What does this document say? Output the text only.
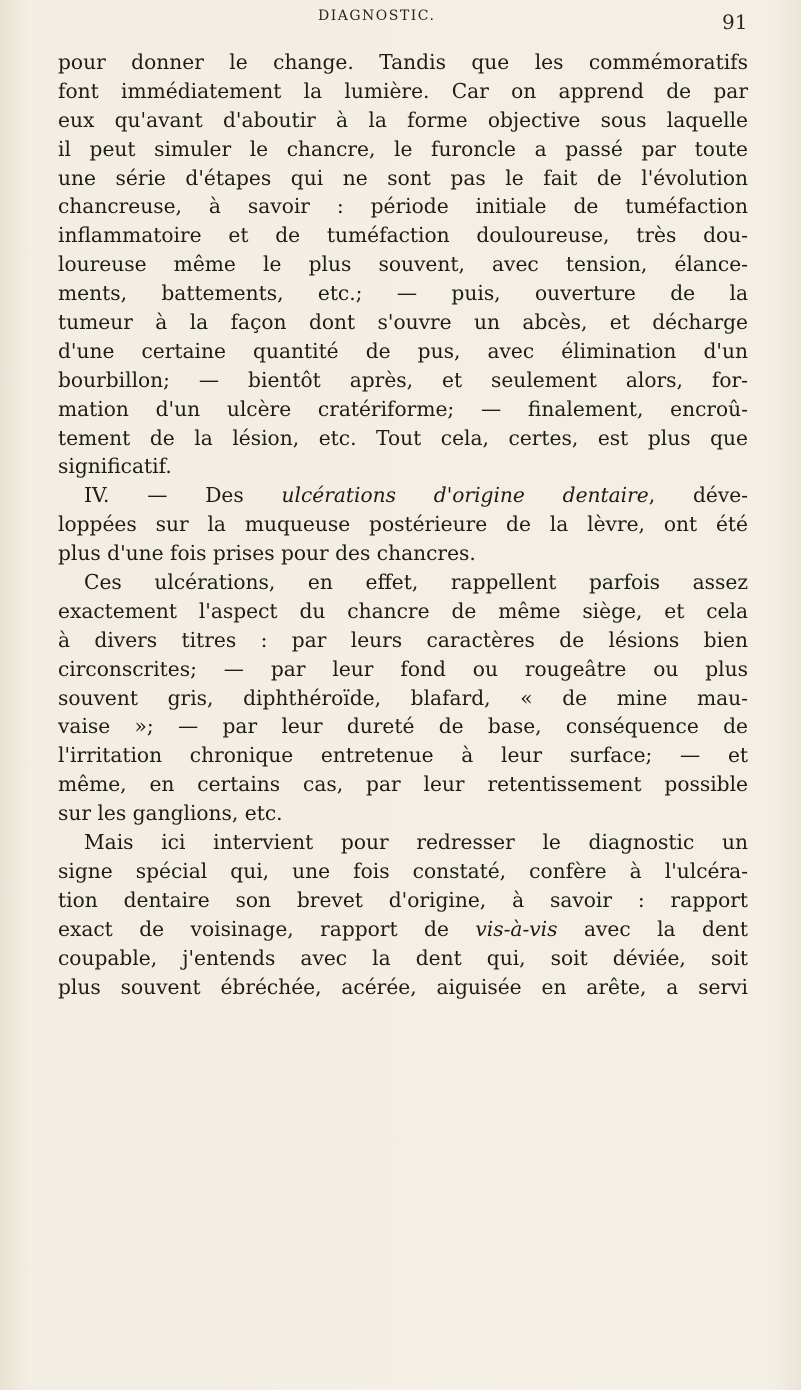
DIAGNOSTIC.	91
pour donner le change. Tandis que les commémoratifs
font immédiatement la lumière. Car on apprend de par
eux qu'avant d'aboutir à la forme objective sous laquelle
il peut simuler le chancre, le furoncle a passé par toute
une série d'étapes qui ne sont pas le fait de l'évolution
chancreuse, à savoir : période initiale de tuméfaction
inflammatoire et de tuméfaction douloureuse, très dou-
loureuse même le plus souvent, avec tension, élance-
ments, battements, etc.; — puis, ouverture de la
tumeur à la façon dont s'ouvre un abcès, et décharge
d'une certaine quantité de pus, avec élimination d'un
bourbillon; — bientôt après, et seulement alors, for-
mation d'un ulcère cratériforme; — finalement, encroû-
tement de la lésion, etc. Tout cela, certes, est plus que
significatif.
IV. — Des ulcérations d'origine dentaire, déve-
loppées sur la muqueuse postérieure de la lèvre, ont été
plus d'une fois prises pour des chancres.
Ces ulcérations, en effet, rappellent parfois assez
exactement l'aspect du chancre de même siège, et cela
à divers titres : par leurs caractères de lésions bien
circonscrites; — par leur fond ou rougeâtre ou plus
souvent gris, diphthéroïde, blafard, « de mine mau-
vaise »; — par leur dureté de base, conséquence de
l'irritation chronique entretenue à leur surface; — et
même, en certains cas, par leur retentissement possible
sur les ganglions, etc.
Mais ici intervient pour redresser le diagnostic un
signe spécial qui, une fois constaté, confère à l'ulcéra-
tion dentaire son brevet d'origine, à savoir : rapport
exact de voisinage, rapport de vis-à-vis avec la dent
coupable, j'entends avec la dent qui, soit déviée, soit
plus souvent ébréchée, acérée, aiguisée en arête, a servi
